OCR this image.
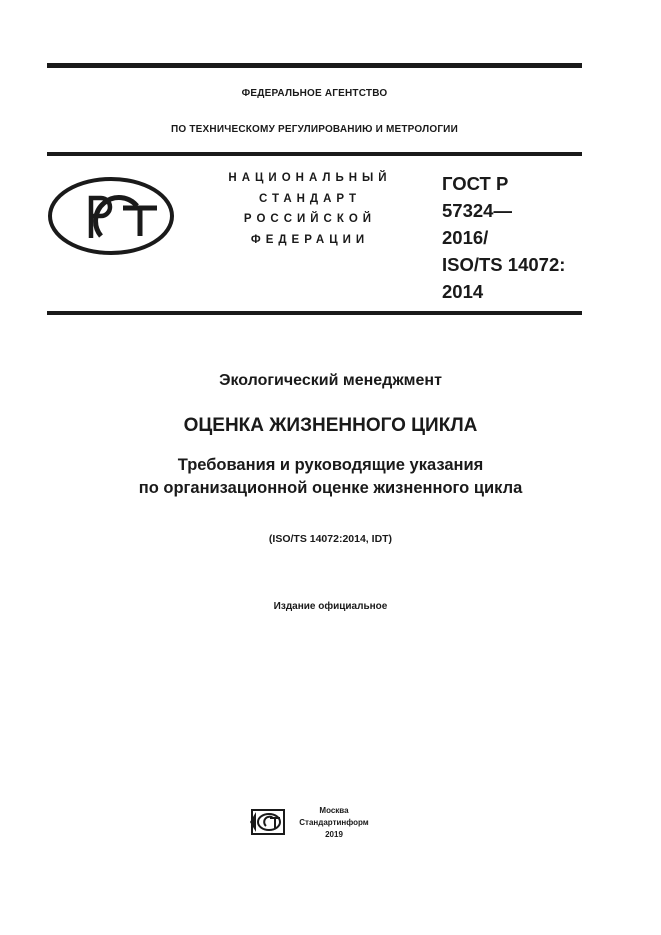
ФЕДЕРАЛЬНОЕ АГЕНТСТВО
ПО ТЕХНИЧЕСКОМУ РЕГУЛИРОВАНИЮ И МЕТРОЛОГИИ
НАЦИОНАЛЬНЫЙ
СТАНДАРТ
РОССИЙСКОЙ
ФЕДЕРАЦИИ
ГОСТ Р
57324—
2016/
ISO/TS 14072:
2014
Экологический менеджмент
ОЦЕНКА ЖИЗНЕННОГО ЦИКЛА
Требования и руководящие указания
по организационной оценке жизненного цикла
(ISO/TS 14072:2014, IDT)
Издание официальное
Москва
Стандартинформ
2019
